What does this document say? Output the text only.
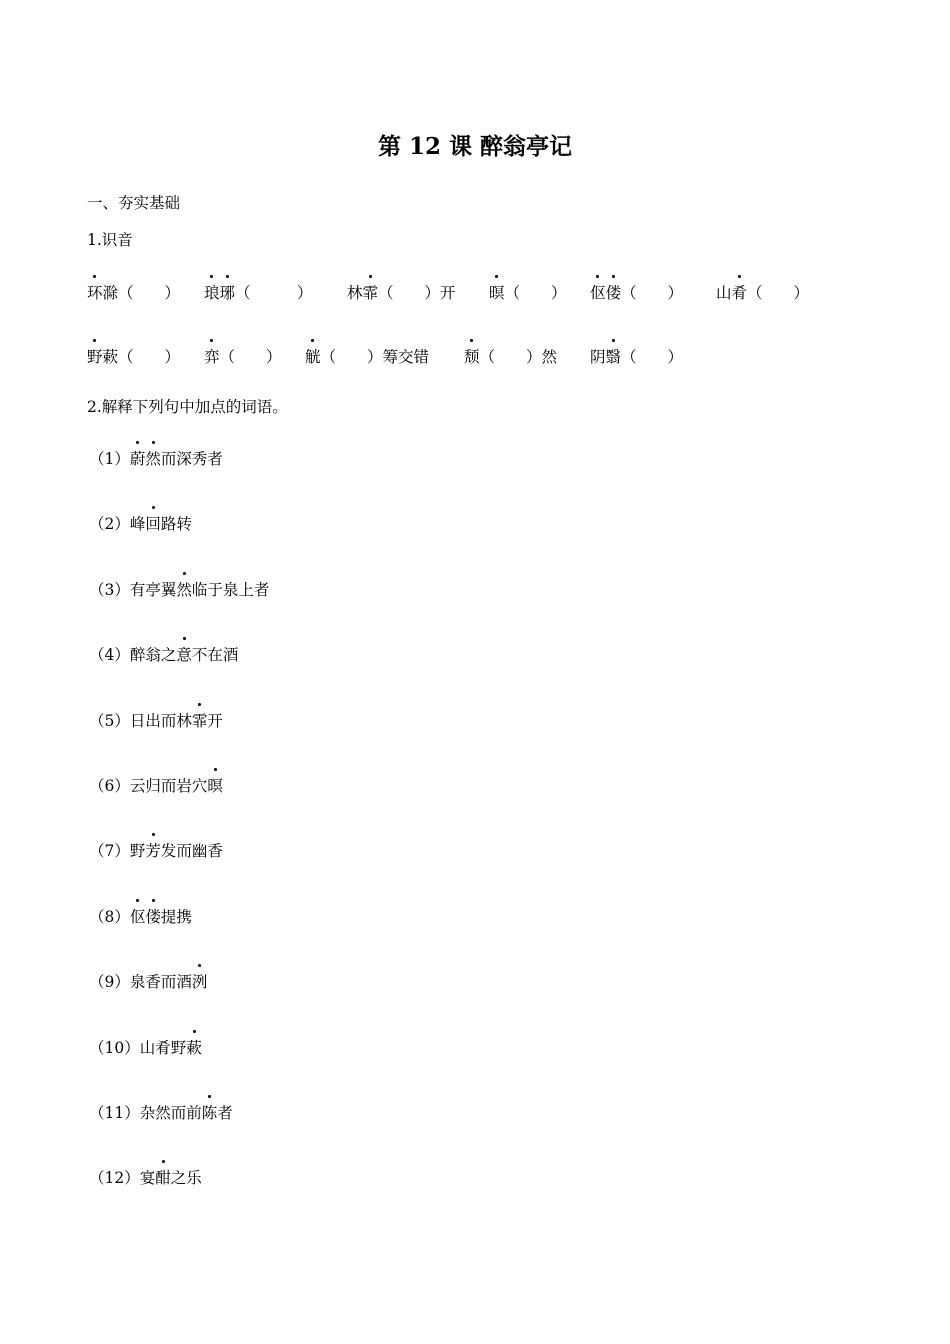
第 12 课 醉翁亭记
一、夯实基础
1.识音
环滁（　　） 琅琊（　　　） 林霏（　　）开 暝（　　） 伛偻（　　） 山肴（　　）
野蔌（　　） 弈（　　） 觥（　　）筹交错 颓（　　）然 阴翳（　　）
2.解释下列句中加点的词语。
（1）蔚然而深秀者
（2）峰回路转
（3）有亭翼然临于泉上者
（4）醉翁之意不在酒
（5）日出而林霏开
（6）云归而岩穴暝
（7）野芳发而幽香
（8）伛偻提携
（9）泉香而酒洌
（10）山肴野蔌
（11）杂然而前陈者
（12）宴酣之乐
